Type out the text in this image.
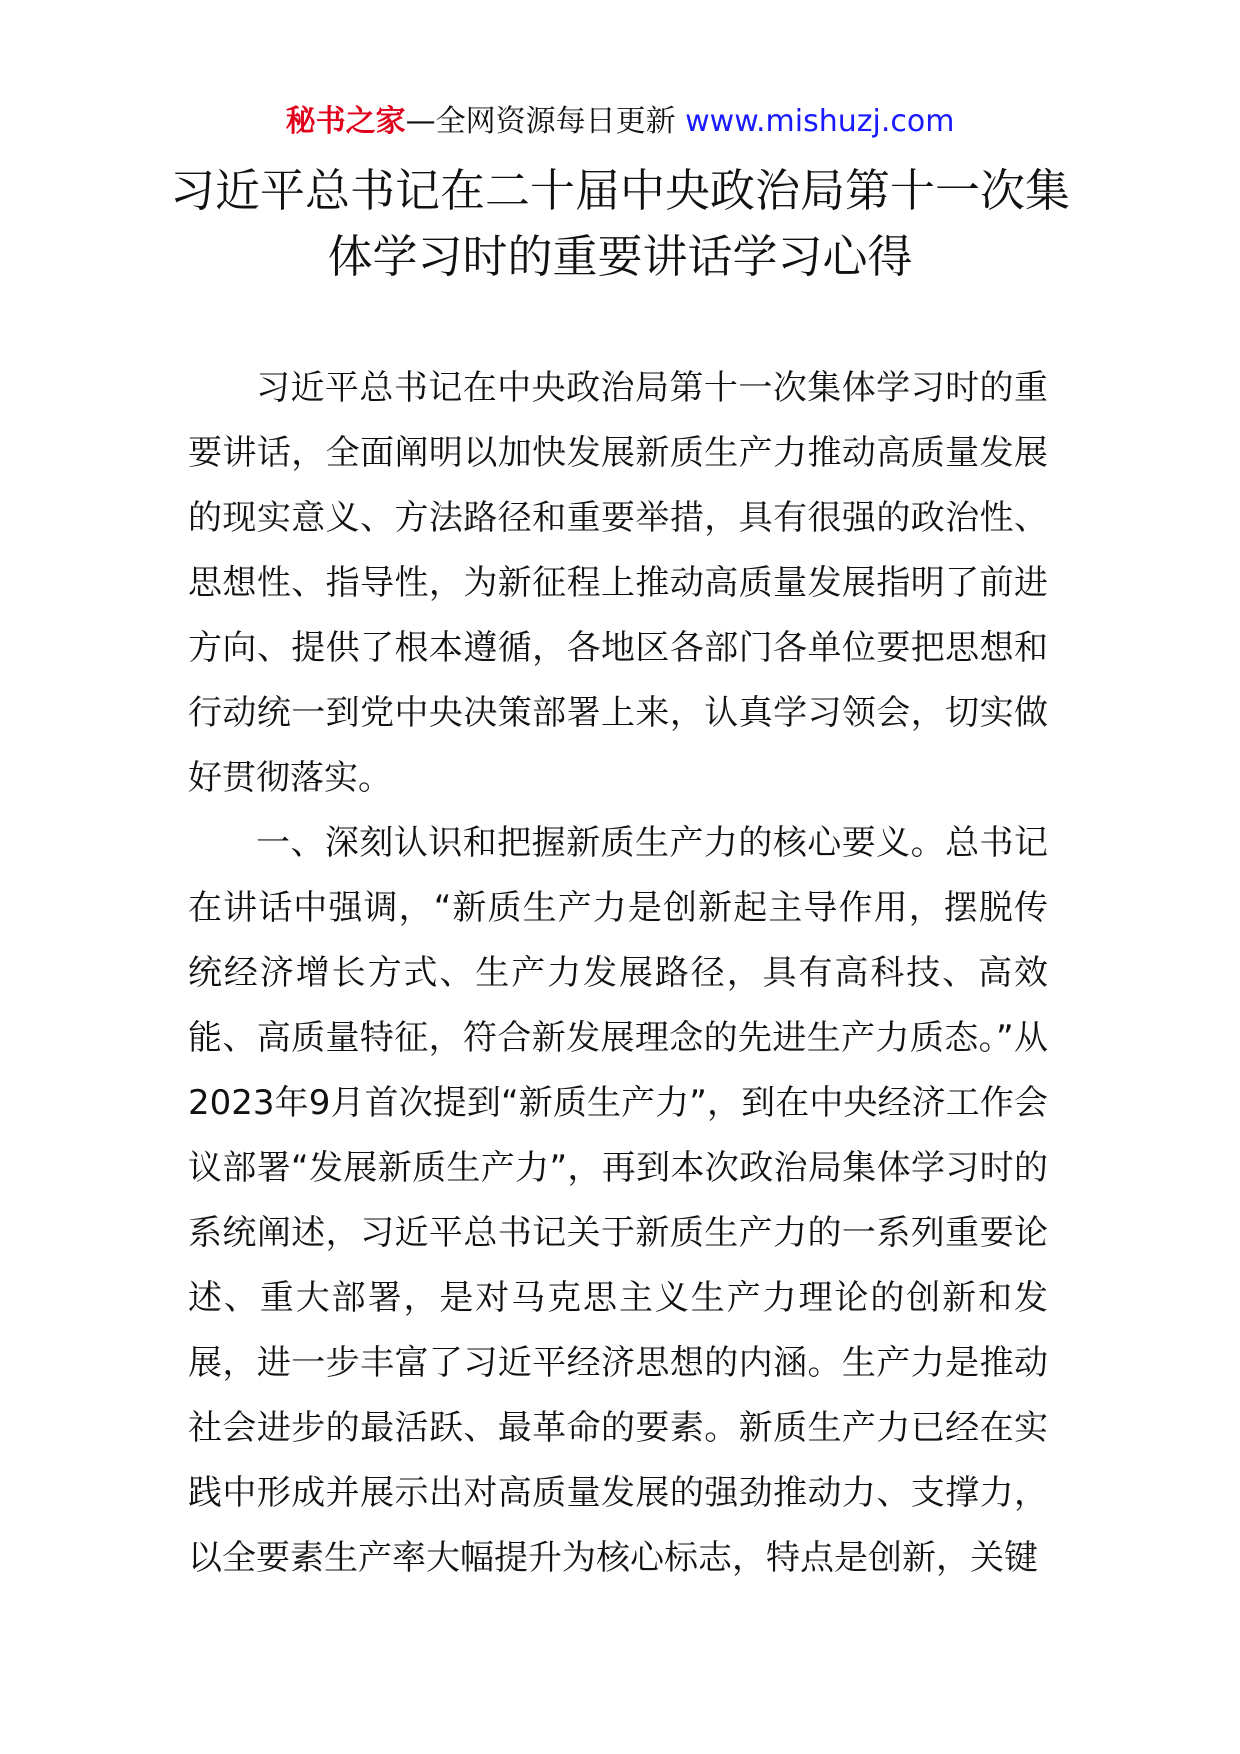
秘书之家—全网资源每日更新 www.mishuzj.com
习近平总书记在二十届中央政治局第十一次集体学习时的重要讲话学习心得

习近平总书记在中央政治局第十一次集体学习时的重要讲话，全面阐明以加快发展新质生产力推动高质量发展的现实意义、方法路径和重要举措，具有很强的政治性、思想性、指导性，为新征程上推动高质量发展指明了前进方向、提供了根本遵循，各地区各部门各单位要把思想和行动统一到党中央决策部署上来，认真学习领会，切实做好贯彻落实。

一、深刻认识和把握新质生产力的核心要义。总书记在讲话中强调，“新质生产力是创新起主导作用，摆脱传统经济增长方式、生产力发展路径，具有高科技、高效能、高质量特征，符合新发展理念的先进生产力质态。”从2023年9月首次提到“新质生产力”，到在中央经济工作会议部署“发展新质生产力”，再到本次政治局集体学习时的系统阐述，习近平总书记关于新质生产力的一系列重要论述、重大部署，是对马克思主义生产力理论的创新和发展，进一步丰富了习近平经济思想的内涵。生产力是推动社会进步的最活跃、最革命的要素。新质生产力已经在实践中形成并展示出对高质量发展的强劲推动力、支撑力，以全要素生产率大幅提升为核心标志，特点是创新，关键
